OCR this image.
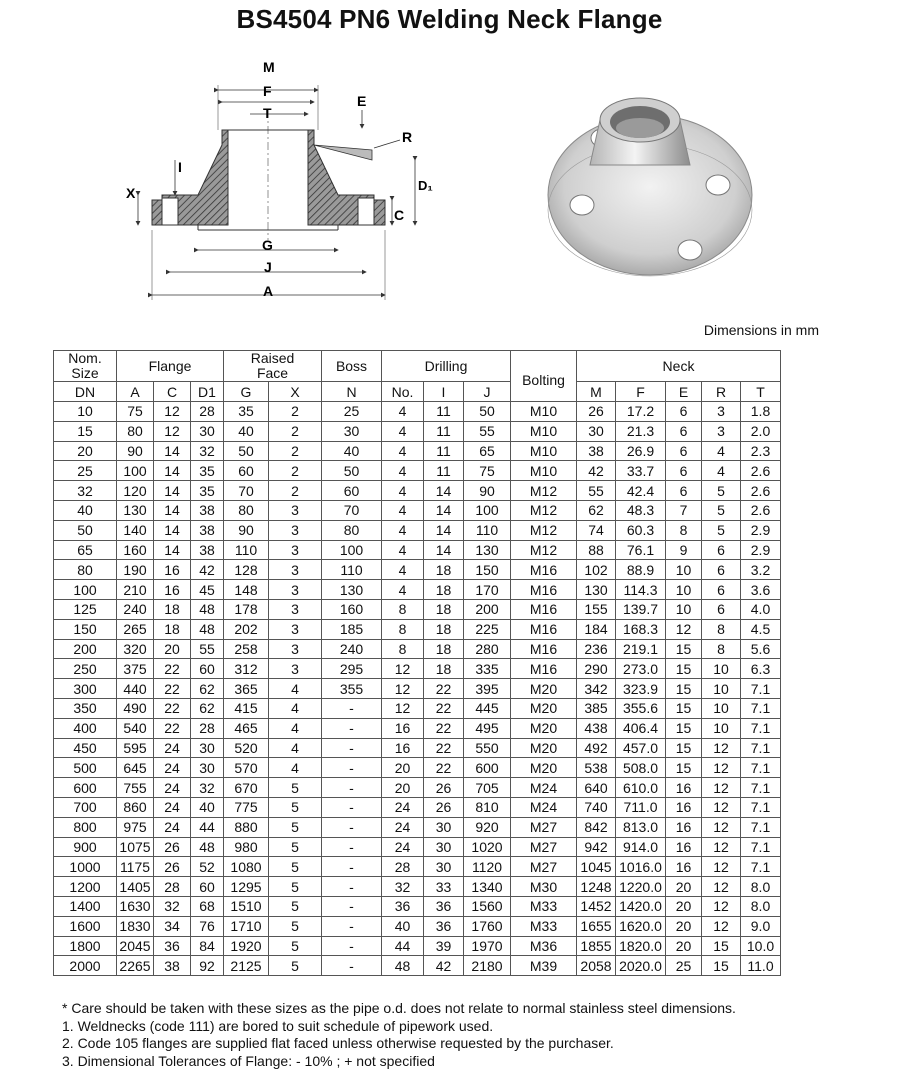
BS4504 PN6 Welding Neck Flange
M
F
T
E
R
I
X	D₁
C
G
J
A
Dimensions in mm
Nom.
Size	Flange			Raised
Face		Boss	Drilling			Bolting	Neck				

DN	A	C	D1	G	X	N	No.	I	J		M	F	E	R	T
10	75	12	28	35	2	25	4	11	50	M10	26	17.2	6	3	1.8
15	80	12	30	40	2	30	4	11	55	M10	30	21.3	6	3	2.0
20	90	14	32	50	2	40	4	11	65	M10	38	26.9	6	4	2.3
25	100	14	35	60	2	50	4	11	75	M10	42	33.7	6	4	2.6
32	120	14	35	70	2	60	4	14	90	M12	55	42.4	6	5	2.6
40	130	14	38	80	3	70	4	14	100	M12	62	48.3	7	5	2.6
50	140	14	38	90	3	80	4	14	110	M12	74	60.3	8	5	2.9
65	160	14	38	110	3	100	4	14	130	M12	88	76.1	9	6	2.9
80	190	16	42	128	3	110	4	18	150	M16	102	88.9	10	6	3.2
100	210	16	45	148	3	130	4	18	170	M16	130	114.3	10	6	3.6
125	240	18	48	178	3	160	8	18	200	M16	155	139.7	10	6	4.0
150	265	18	48	202	3	185	8	18	225	M16	184	168.3	12	8	4.5
200	320	20	55	258	3	240	8	18	280	M16	236	219.1	15	8	5.6
250	375	22	60	312	3	295	12	18	335	M16	290	273.0	15	10	6.3
300	440	22	62	365	4	355	12	22	395	M20	342	323.9	15	10	7.1
350	490	22	62	415	4	-	12	22	445	M20	385	355.6	15	10	7.1
400	540	22	28	465	4	-	16	22	495	M20	438	406.4	15	10	7.1
450	595	24	30	520	4	-	16	22	550	M20	492	457.0	15	12	7.1
500	645	24	30	570	4	-	20	22	600	M20	538	508.0	15	12	7.1
600	755	24	32	670	5	-	20	26	705	M24	640	610.0	16	12	7.1
700	860	24	40	775	5	-	24	26	810	M24	740	711.0	16	12	7.1
800	975	24	44	880	5	-	24	30	920	M27	842	813.0	16	12	7.1
900	1075	26	48	980	5	-	24	30	1020	M27	942	914.0	16	12	7.1
1000	1175	26	52	1080	5	-	28	30	1120	M27	1045	1016.0	16	12	7.1
1200	1405	28	60	1295	5	-	32	33	1340	M30	1248	1220.0	20	12	8.0
1400	1630	32	68	1510	5	-	36	36	1560	M33	1452	1420.0	20	12	8.0
1600	1830	34	76	1710	5	-	40	36	1760	M33	1655	1620.0	20	12	9.0
1800	2045	36	84	1920	5	-	44	39	1970	M36	1855	1820.0	20	15	10.0
2000	2265	38	92	2125	5	-	48	42	2180	M39	2058	2020.0	25	15	11.0
* Care should be taken with these sizes as the pipe o.d. does not relate to normal stainless steel dimensions.
1. Weldnecks (code 111) are bored to suit schedule of pipework used.
2. Code 105 flanges are supplied flat faced unless otherwise requested by the purchaser.
3. Dimensional Tolerances of Flange: - 10% ; + not specified
